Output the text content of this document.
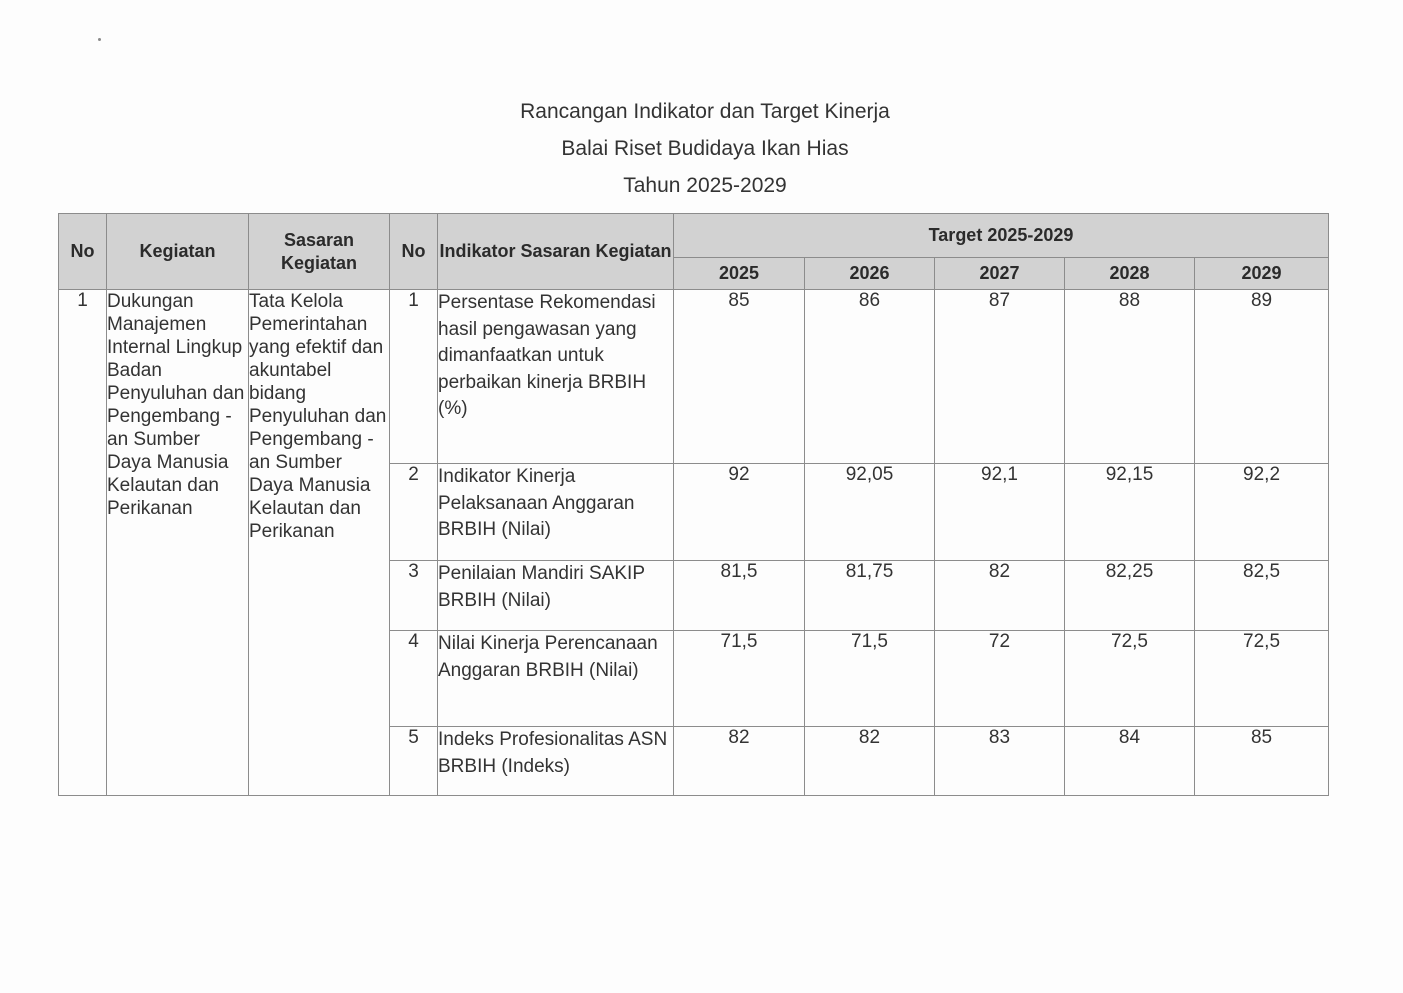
Rancangan Indikator dan Target Kinerja
Balai Riset Budidaya Ikan Hias
Tahun 2025-2029
No	Kegiatan	Sasaran Kegiatan	No	Indikator Sasaran Kegiatan	Target 2025-2029				
					2025	2026	2027	2028	2029
1	Dukungan Manajemen Internal Lingkup Badan Penyuluhan dan Pengembang -an Sumber Daya Manusia Kelautan dan Perikanan	Tata Kelola Pemerintahan yang efektif dan akuntabel bidang Penyuluhan dan Pengembang -an Sumber Daya Manusia Kelautan dan Perikanan	1	Persentase Rekomendasi hasil pengawasan yang dimanfaatkan untuk perbaikan kinerja BRBIH (%)	85	86	87	88	89
			2	Indikator Kinerja Pelaksanaan Anggaran BRBIH (Nilai)	92	92,05	92,1	92,15	92,2
			3	Penilaian Mandiri SAKIP BRBIH (Nilai)	81,5	81,75	82	82,25	82,5
			4	Nilai Kinerja Perencanaan Anggaran BRBIH (Nilai)	71,5	71,5	72	72,5	72,5
			5	Indeks Profesionalitas ASN BRBIH (Indeks)	82	82	83	84	85
